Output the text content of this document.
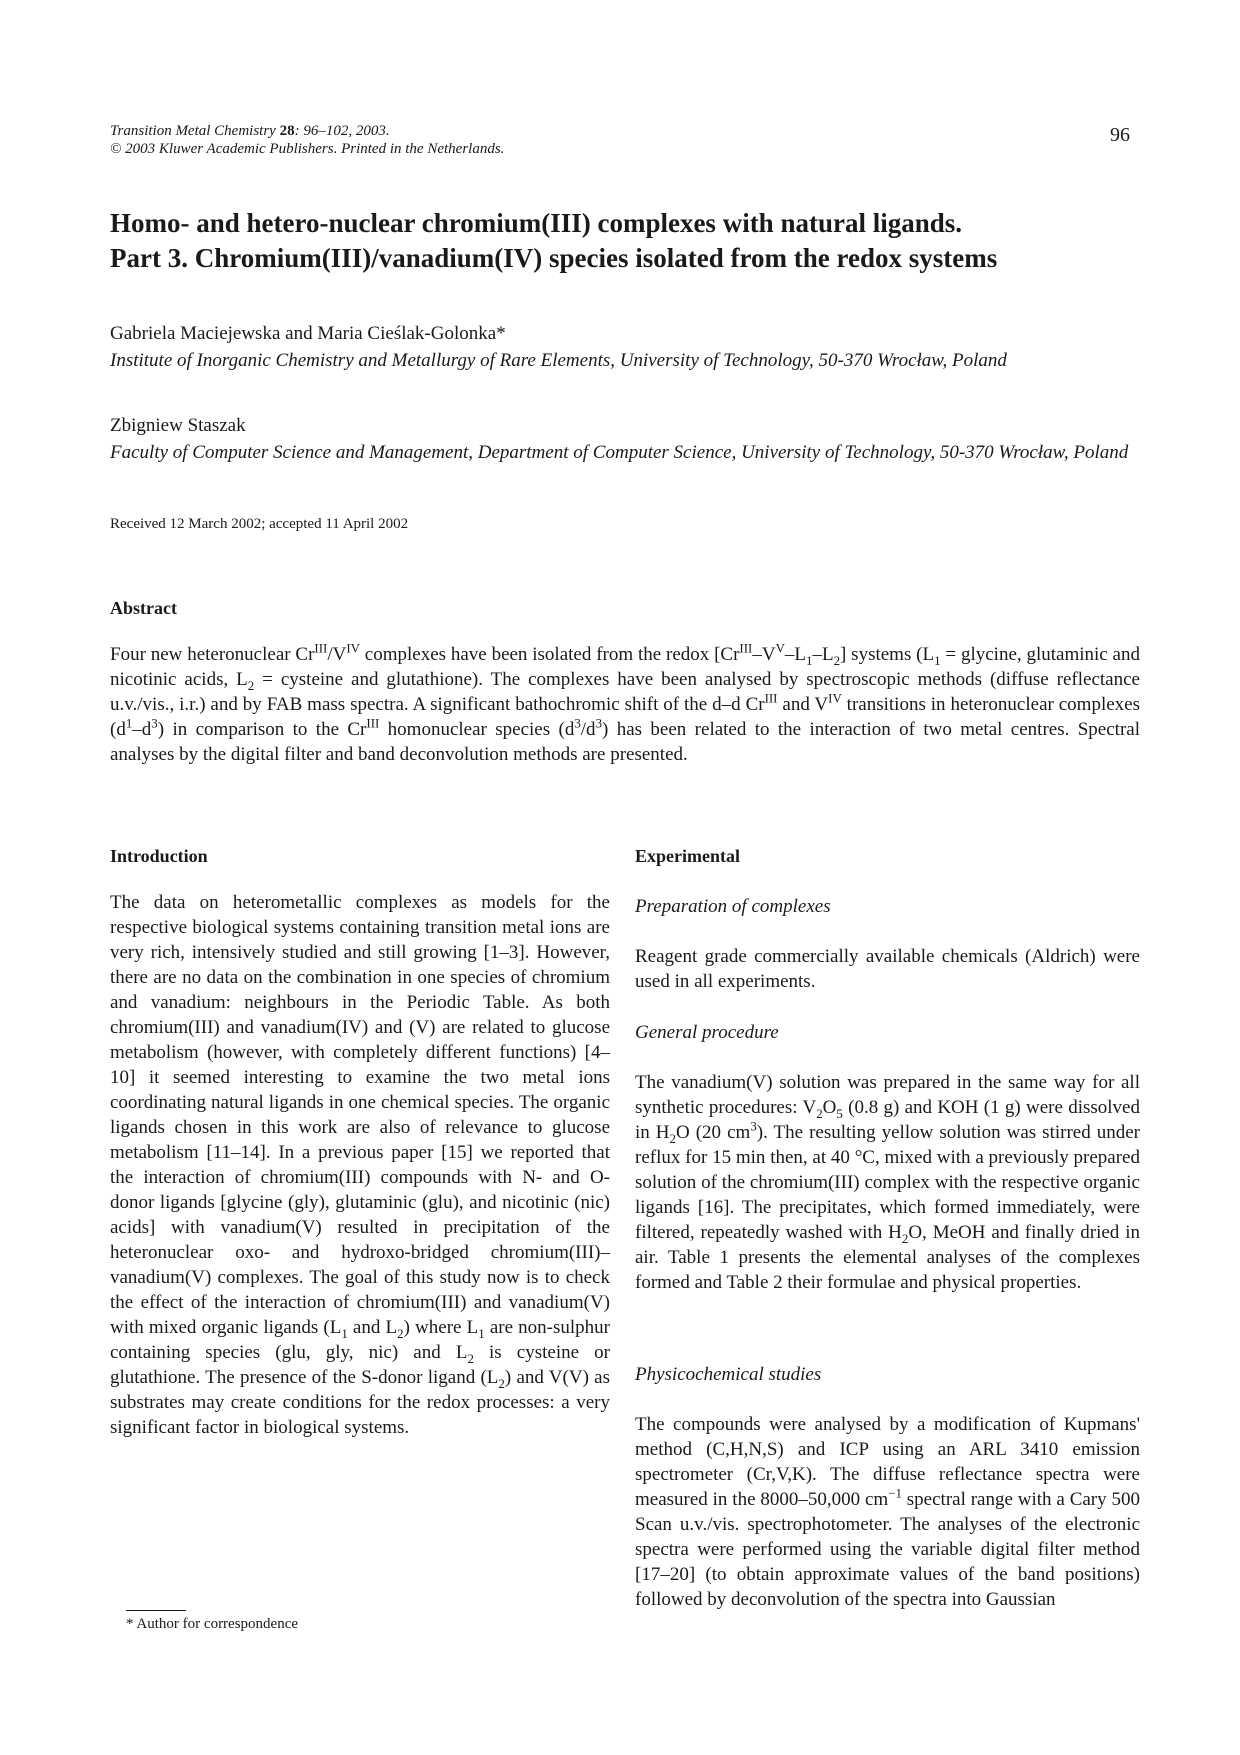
Transition Metal Chemistry 28: 96–102, 2003.
© 2003 Kluwer Academic Publishers. Printed in the Netherlands.
96
Homo- and hetero-nuclear chromium(III) complexes with natural ligands.
Part 3. Chromium(III)/vanadium(IV) species isolated from the redox systems
Gabriela Maciejewska and Maria Cieślak-Golonka*
Institute of Inorganic Chemistry and Metallurgy of Rare Elements, University of Technology, 50-370 Wrocław, Poland
Zbigniew Staszak
Faculty of Computer Science and Management, Department of Computer Science, University of Technology, 50-370 Wrocław, Poland
Received 12 March 2002; accepted 11 April 2002
Abstract
Four new heteronuclear $Cr^{III}/V^{IV}$ complexes have been isolated from the redox $[Cr^{III}-V^V-L_1-L_2]$ systems ($L_1$ = glycine, glutaminic and nicotinic acids, $L_2$ = cysteine and glutathione). The complexes have been analysed by spectroscopic methods (diffuse reflectance u.v./vis., i.r.) and by FAB mass spectra. A significant bathochromic shift of the d–d $Cr^{III}$ and $V^{IV}$ transitions in heteronuclear complexes $(d^1-d^3)$ in comparison to the $Cr^{III}$ homonuclear species $(d^3/d^3)$ has been related to the interaction of two metal centres. Spectral analyses by the digital filter and band deconvolution methods are presented.
Introduction
The data on heterometallic complexes as models for the respective biological systems containing transition metal ions are very rich, intensively studied and still growing [1–3]. However, there are no data on the combination in one species of chromium and vanadium: neighbours in the Periodic Table. As both chromium(III) and vanadium(IV) and (V) are related to glucose metabolism (however, with completely different functions) [4–10] it seemed interesting to examine the two metal ions coordinating natural ligands in one chemical species. The organic ligands chosen in this work are also of relevance to glucose metabolism [11–14]. In a previous paper [15] we reported that the interaction of chromium(III) compounds with N- and O-donor ligands [glycine (gly), glutaminic (glu), and nicotinic (nic) acids] with vanadium(V) resulted in precipitation of the heteronuclear oxo- and hydroxo-bridged chromium(III)–vanadium(V) complexes. The goal of this study now is to check the effect of the interaction of chromium(III) and vanadium(V) with mixed organic ligands ($L_1$ and $L_2$) where $L_1$ are non-sulphur containing species (glu, gly, nic) and $L_2$ is cysteine or glutathione. The presence of the S-donor ligand $(L_2)$ and V(V) as substrates may create conditions for the redox processes: a very significant factor in biological systems.
Experimental
Preparation of complexes
Reagent grade commercially available chemicals (Aldrich) were used in all experiments.
General procedure
The vanadium(V) solution was prepared in the same way for all synthetic procedures: $V_2O_5$ (0.8 g) and KOH (1 g) were dissolved in $H_2O$ (20 $cm^3$). The resulting yellow solution was stirred under reflux for 15 min then, at 40 °C, mixed with a previously prepared solution of the chromium(III) complex with the respective organic ligands [16]. The precipitates, which formed immediately, were filtered, repeatedly washed with $H_2O$, MeOH and finally dried in air. Table 1 presents the elemental analyses of the complexes formed and Table 2 their formulae and physical properties.
Physicochemical studies
The compounds were analysed by a modification of Kupmans' method (C,H,N,S) and ICP using an ARL 3410 emission spectrometer (Cr,V,K). The diffuse reflectance spectra were measured in the 8000–50,000 $cm^{-1}$ spectral range with a Cary 500 Scan u.v./vis. spectrophotometer. The analyses of the electronic spectra were performed using the variable digital filter method [17–20] (to obtain approximate values of the band positions) followed by deconvolution of the spectra into Gaussian
* Author for correspondence
